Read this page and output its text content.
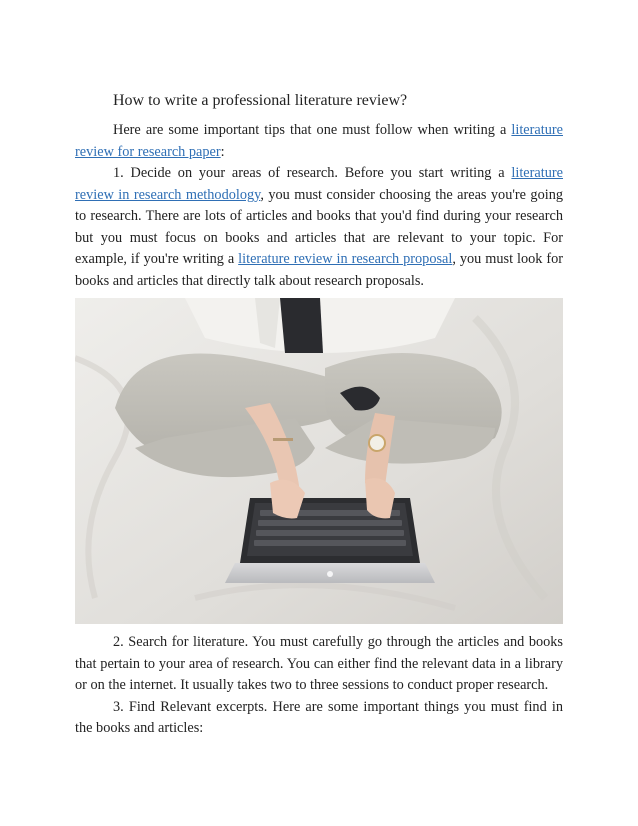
How to write a professional literature review?

Here are some important tips that one must follow when writing a literature review for research paper:

1. Decide on your areas of research. Before you start writing a literature review in research methodology, you must consider choosing the areas you're going to research. There are lots of articles and books that you'd find during your research but you must focus on books and articles that are relevant to your topic. For example, if you're writing a literature review in research proposal, you must look for books and articles that directly talk about research proposals.

2. Search for literature. You must carefully go through the articles and books that pertain to your area of research. You can either find the relevant data in a library or on the internet. It usually takes two to three sessions to conduct proper research.

3. Find Relevant excerpts. Here are some important things you must find in the books and articles:
